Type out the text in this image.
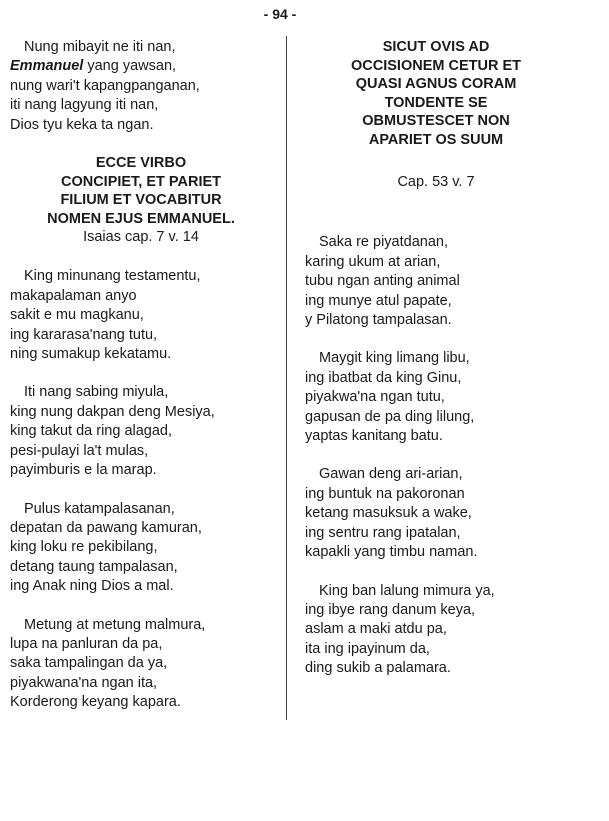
- 94 -

Nung mibayit ne iti nan,

Emmanuel yang yawsan,

nung wari't kapangpanganan,

iti nang lagyung iti nan,

Dios tyu keka ta ngan.

ECCE VIRBO
CONCIPIET, ET PARIET
FILIUM ET VOCABITUR
NOMEN EJUS EMMANUEL.
Isaias cap. 7 v. 14

King minunang testamentu,

makapalaman anyo

sakit e mu magkanu,

ing kararasa'nang tutu,

ning sumakup kekatamu.

Iti nang sabing miyula,

king nung dakpan deng Mesiya,

king takut da ring alagad,

pesi-pulayi la't mulas,

payimburis e la marap.

Pulus katampalasanan,

depatan da pawang kamuran,

king loku re pekibilang,

detang taung tampalasan,

ing Anak ning Dios a mal.

Metung at metung malmura,

lupa na panluran da pa,

saka tampalingan da ya,

piyakwana'na ngan ita,

Korderong keyang kapara.

SICUT OVIS AD
OCCISIONEM CETUR ET
QUASI AGNUS CORAM
TONDENTE SE
OBMUSTESCET NON
APARIET OS SUUM
Cap. 53 v. 7

Saka re piyatdanan,

karing ukum at arian,

tubu ngan anting animal

ing munye atul papate,

y Pilatong tampalasan.

Maygit king limang libu,

ing ibatbat da king Ginu,

piyakwa'na ngan tutu,

gapusan de pa ding lilung,

yaptas kanitang batu.

Gawan deng ari-arian,

ing buntuk na pakoronan

ketang masuksuk a wake,

ing sentru rang ipatalan,

kapakli yang timbu naman.

King ban lalung mimura ya,

ing ibye rang danum keya,

aslam a maki atdu pa,

ita ing ipayinum da,

ding sukib a palamara.
